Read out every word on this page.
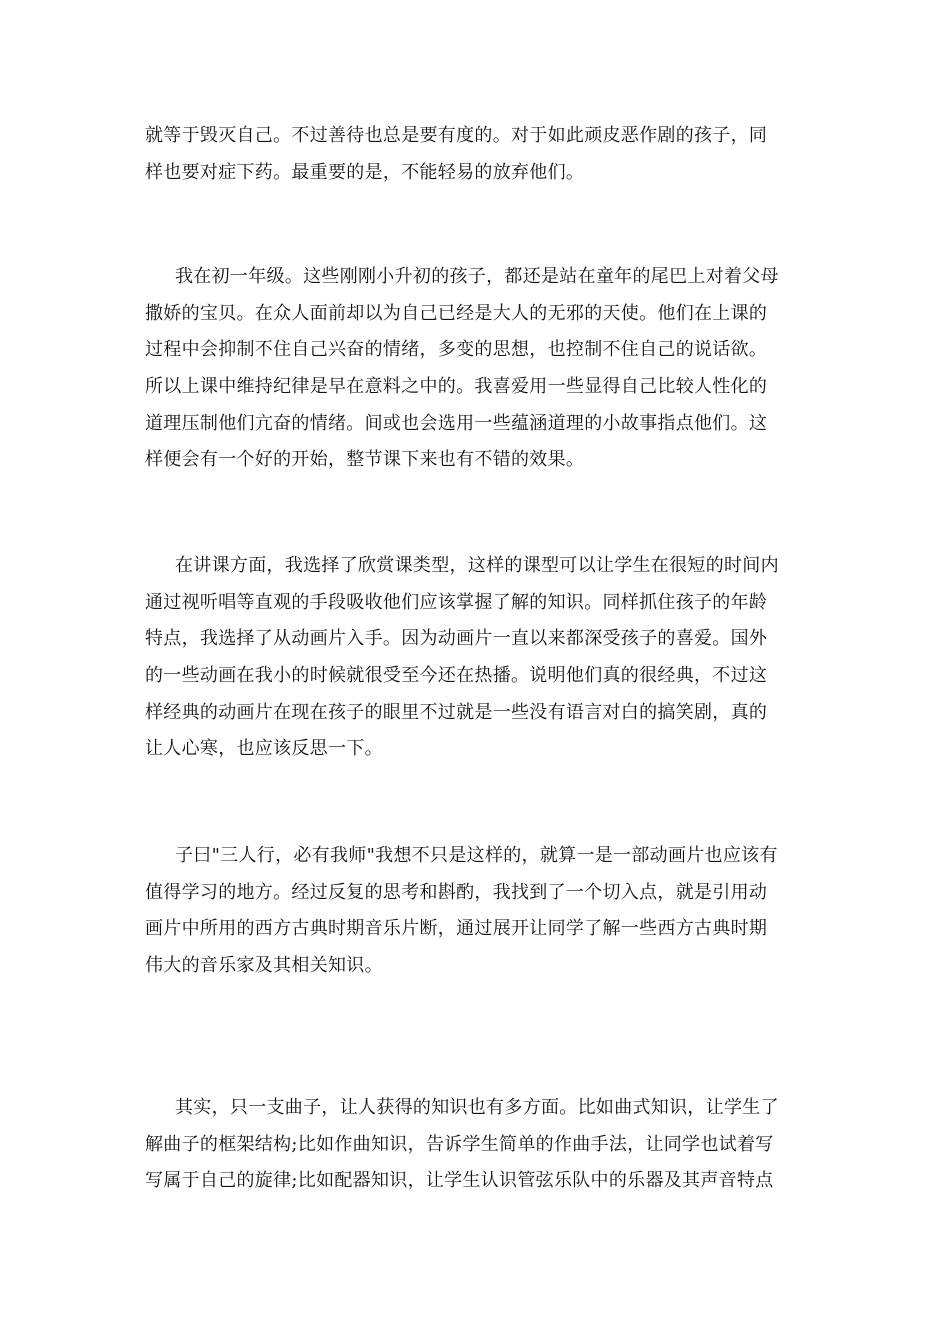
就等于毁灭自己。不过善待也总是要有度的。对于如此顽皮恶作剧的孩子，同
样也要对症下药。最重要的是，不能轻易的放弃他们。
我在初一年级。这些刚刚小升初的孩子，都还是站在童年的尾巴上对着父母
撒娇的宝贝。在众人面前却以为自己已经是大人的无邪的天使。他们在上课的
过程中会抑制不住自己兴奋的情绪，多变的思想，也控制不住自己的说话欲。
所以上课中维持纪律是早在意料之中的。我喜爱用一些显得自己比较人性化的
道理压制他们亢奋的情绪。间或也会选用一些蕴涵道理的小故事指点他们。这
样便会有一个好的开始，整节课下来也有不错的效果。
在讲课方面，我选择了欣赏课类型，这样的课型可以让学生在很短的时间内
通过视听唱等直观的手段吸收他们应该掌握了解的知识。同样抓住孩子的年龄
特点，我选择了从动画片入手。因为动画片一直以来都深受孩子的喜爱。国外
的一些动画在我小的时候就很受至今还在热播。说明他们真的很经典，不过这
样经典的动画片在现在孩子的眼里不过就是一些没有语言对白的搞笑剧，真的
让人心寒，也应该反思一下。
子曰"三人行，必有我师"我想不只是这样的，就算一是一部动画片也应该有
值得学习的地方。经过反复的思考和斟酌，我找到了一个切入点，就是引用动
画片中所用的西方古典时期音乐片断，通过展开让同学了解一些西方古典时期
伟大的音乐家及其相关知识。
其实，只一支曲子，让人获得的知识也有多方面。比如曲式知识，让学生了
解曲子的框架结构;比如作曲知识，告诉学生简单的作曲手法，让同学也试着写
写属于自己的旋律;比如配器知识，让学生认识管弦乐队中的乐器及其声音特点
